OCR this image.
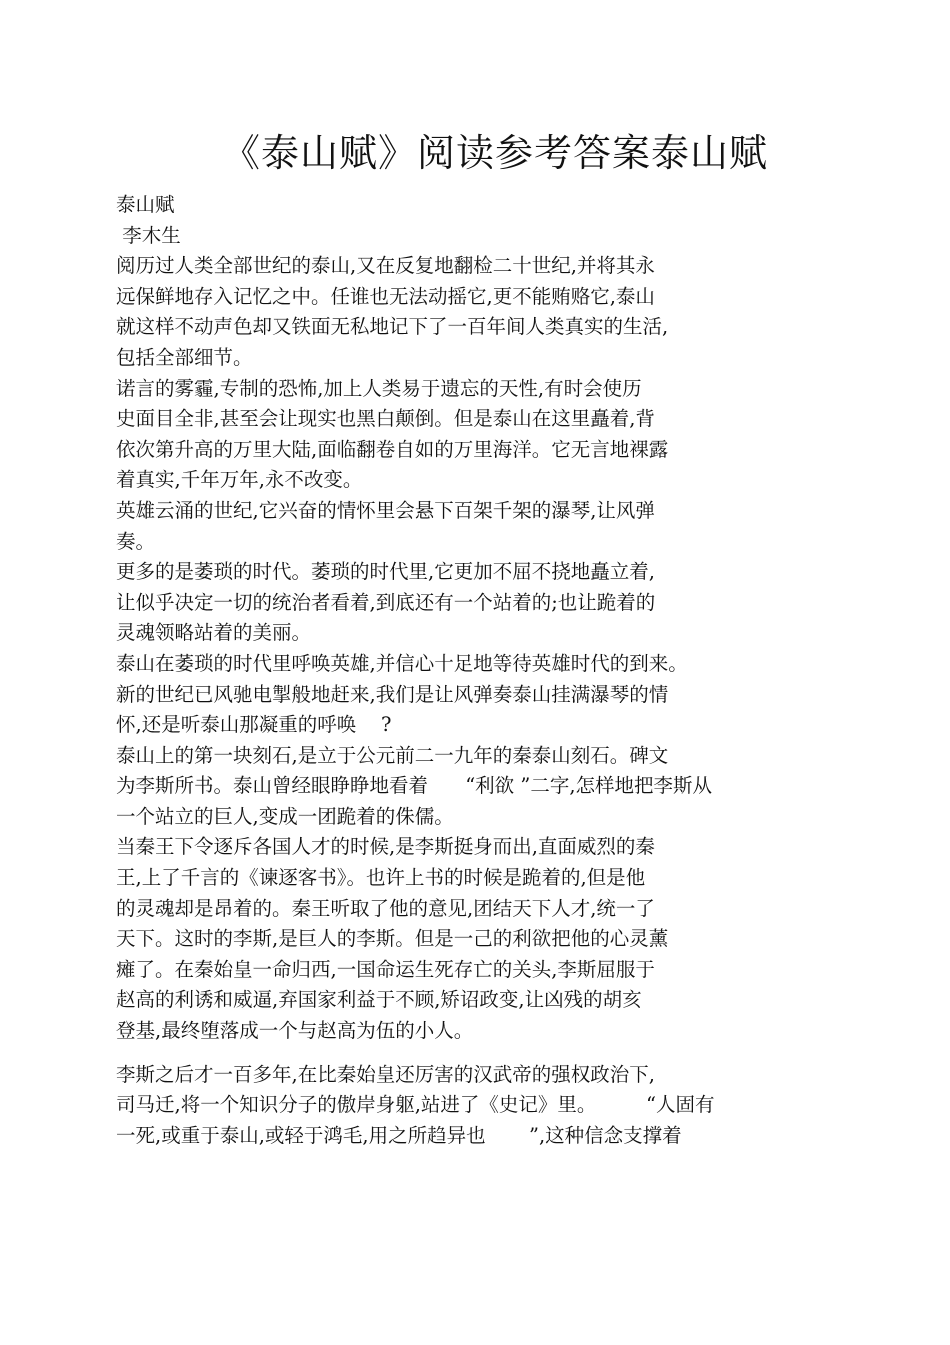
《泰山赋》阅读参考答案泰山赋
泰山赋
李木生
阅历过人类全部世纪的泰山,又在反复地翻检二十世纪,并将其永
远保鲜地存入记忆之中。任谁也无法动摇它,更不能贿赂它,泰山
就这样不动声色却又铁面无私地记下了一百年间人类真实的生活,
包括全部细节。
诺言的雾霾,专制的恐怖,加上人类易于遗忘的天性,有时会使历
史面目全非,甚至会让现实也黑白颠倒。但是泰山在这里矗着,背
依次第升高的万里大陆,面临翻卷自如的万里海洋。它无言地裸露
着真实,千年万年,永不改变。
英雄云涌的世纪,它兴奋的情怀里会悬下百架千架的瀑琴,让风弹
奏。
更多的是萎琐的时代。萎琐的时代里,它更加不屈不挠地矗立着,
让似乎决定一切的统治者看着,到底还有一个站着的;也让跪着的
灵魂领略站着的美丽。
泰山在萎琐的时代里呼唤英雄,并信心十足地等待英雄时代的到来。
新的世纪已风驰电掣般地赶来,我们是让风弹奏泰山挂满瀑琴的情
怀,还是听泰山那凝重的呼唤    ?
泰山上的第一块刻石,是立于公元前二一九年的秦泰山刻石。碑文
为李斯所书。泰山曾经眼睁睁地看着      “利欲 ”二字,怎样地把李斯从
一个站立的巨人,变成一团跪着的侏儒。
当秦王下令逐斥各国人才的时候,是李斯挺身而出,直面威烈的秦
王,上了千言的《谏逐客书》。也许上书的时候是跪着的,但是他
的灵魂却是昂着的。秦王听取了他的意见,团结天下人才,统一了
天下。这时的李斯,是巨人的李斯。但是一己的利欲把他的心灵薰
瘫了。在秦始皇一命归西,一国命运生死存亡的关头,李斯屈服于
赵高的利诱和威逼,弃国家利益于不顾,矫诏政变,让凶残的胡亥
登基,最终堕落成一个与赵高为伍的小人。
李斯之后才一百多年,在比秦始皇还厉害的汉武帝的强权政治下,
司马迁,将一个知识分子的傲岸身躯,站进了《史记》里。        “人固有
一死,或重于泰山,或轻于鸿毛,用之所趋异也       ”,这种信念支撑着
